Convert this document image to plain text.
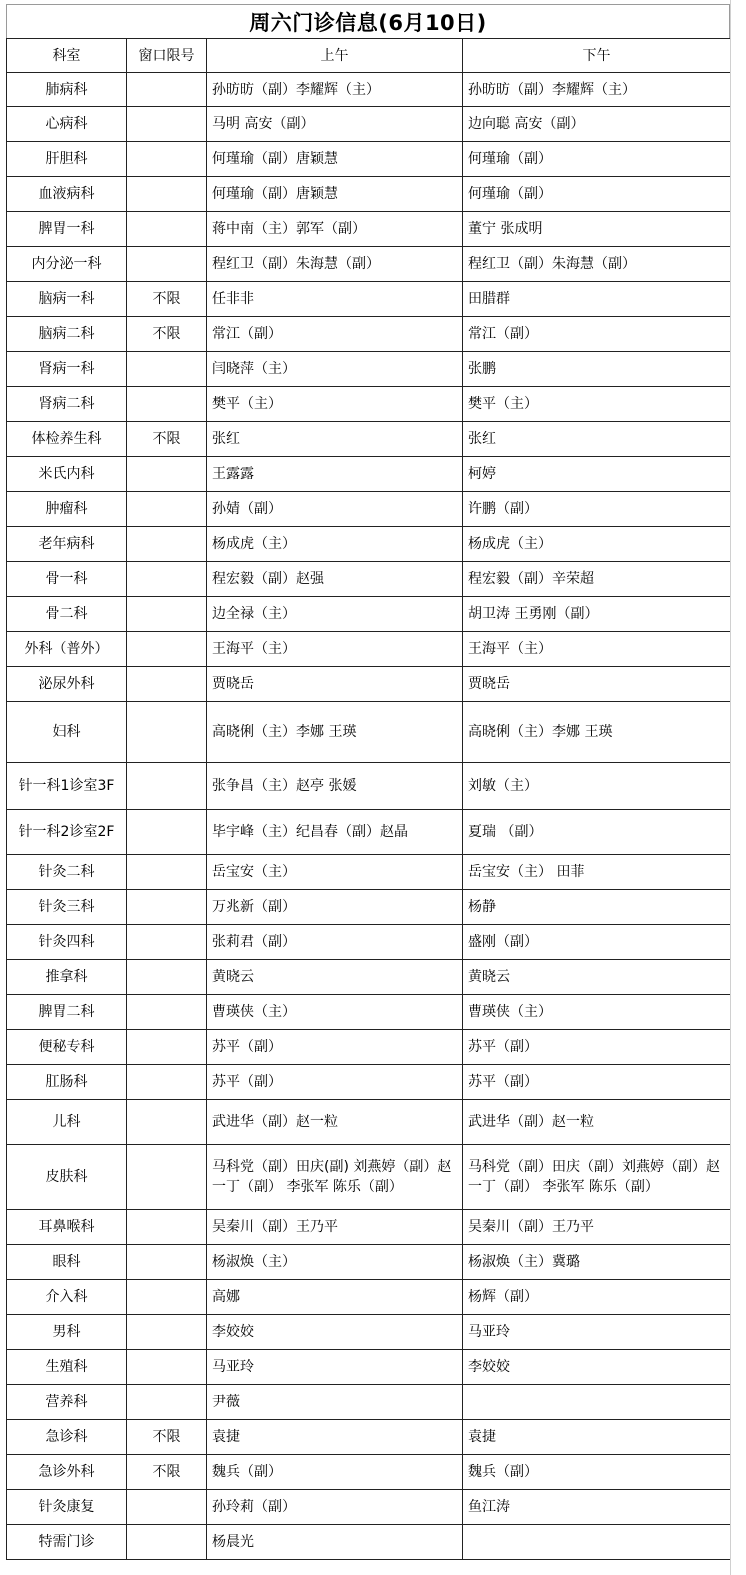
周六门诊信息(6月10日)
科室	窗口限号	上午	下午
肺病科		孙昉昉（副）李耀辉（主）	孙昉昉（副）李耀辉（主）
心病科		马明 高安（副）	边向聪 高安（副）
肝胆科		何瑾瑜（副）唐颖慧	何瑾瑜（副）
血液病科		何瑾瑜（副）唐颖慧	何瑾瑜（副）
脾胃一科		蒋中南（主）郭军（副）	董宁 张成明
内分泌一科		程红卫（副）朱海慧（副）	程红卫（副）朱海慧（副）
脑病一科	不限	任非非	田腊群
脑病二科	不限	常江（副）	常江（副）
肾病一科		闫晓萍（主）	张鹏
肾病二科		樊平（主）	樊平（主）
体检养生科	不限	张红	张红
米氏内科		王露露	柯婷
肿瘤科		孙婧（副）	许鹏（副）
老年病科		杨成虎（主）	杨成虎（主）
骨一科		程宏毅（副）赵强	程宏毅（副）辛荣超
骨二科		边全禄（主）	胡卫涛 王勇刚（副）
外科（普外）		王海平（主）	王海平（主）
泌尿外科		贾晓岳	贾晓岳
妇科		高晓俐（主）李娜 王瑛	高晓俐（主）李娜 王瑛
针一科1诊室3F		张争昌（主）赵亭 张媛	刘敏（主）
针一科2诊室2F		毕宇峰（主）纪昌春（副）赵晶	夏瑞 （副）
针灸二科		岳宝安（主）	岳宝安（主） 田菲
针灸三科		万兆新（副）	杨静
针灸四科		张莉君（副）	盛刚（副）
推拿科		黄晓云	黄晓云
脾胃二科		曹瑛侠（主）	曹瑛侠（主）
便秘专科		苏平（副）	苏平（副）
肛肠科		苏平（副）	苏平（副）
儿科		武进华（副）赵一粒	武进华（副）赵一粒
皮肤科		马科党（副）田庆(副) 刘燕婷（副）赵一丁（副） 李张军 陈乐（副）	马科党（副）田庆（副）刘燕婷（副）赵一丁（副） 李张军 陈乐（副）
耳鼻喉科		吴秦川（副）王乃平	吴秦川（副）王乃平
眼科		杨淑焕（主）	杨淑焕（主）冀璐
介入科		高娜	杨辉（副）
男科		李姣姣	马亚玲
生殖科		马亚玲	李姣姣
营养科		尹薇	
急诊科	不限	袁捷	袁捷
急诊外科	不限	魏兵（副）	魏兵（副）
针灸康复		孙玲莉（副）	鱼江涛
特需门诊		杨晨光	
